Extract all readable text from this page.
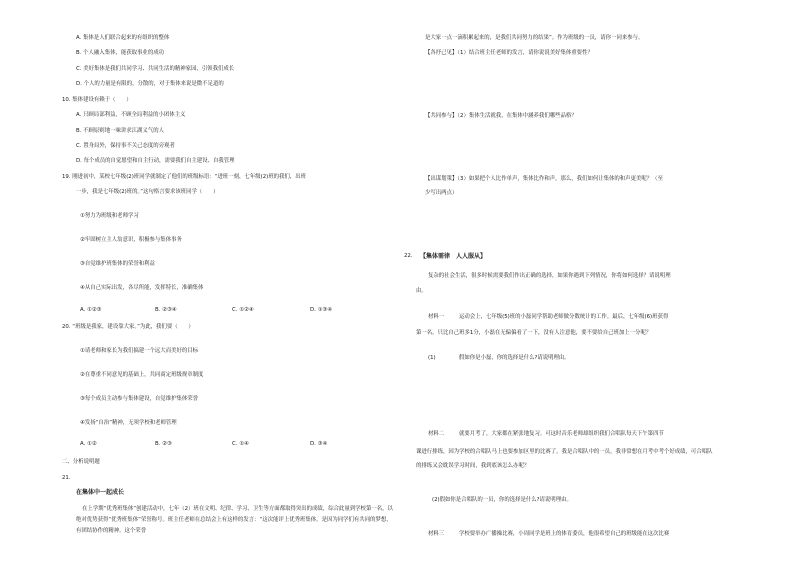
A. 集体是人们联合起来的有组织的整体
B. 个人融入集体，能获取事业的成功
C. 美好集体是我们共同学习、共同生活的精神家园，引领我们成长
D. 个人的力量是有限的，分散的，对于集体来说是微不足道的
10. 集体建设有赖于（　　）
A. 只顾局部利益，不顾全局利益的小团体主义
B. 不顾原则地一味讲求江湖义气的人
C. 置身局外，保持事不关己态度的旁观者
D. 每个成员的自觉愿望和自主行动，需要我们自主建设、自我管理
19. 刚进初中，某校七年级(2)班同学就制定了他们的班级标语：“进班一刻，七年级(2)班的我们，出班
一步，我是七年级(2)班的。”这句格言要求该班同学（　　）
①努力为班级和老师学习
②牢固树立主人翁意识，积极参与集体事务
③自觉维护班集体的荣誉和利益
④从自己实际出发，各尽所能，发挥特长，准确集体
A. ①②③	B. ②③④	C. ①②④	D. ①③④
20. “班级是我家，建设靠大家。”为此，我们要（　　）
①请老师和家长为我们搞建一个远大而美好的目标
②在尊重不同意见的基础上，共同商定班级规章制度
③每个成员主动参与集体建设，自觉维护集体荣誉
④发扬“自治”精神，无须学校和老师管理
A. ①②	B. ②③	C. ①④	D. ③④
二、分析说明题
21.
在集体中一起成长
在上学期“优秀班集体”创建活动中，七年（2）班在文明、纪律、学习、卫生等方面都取得突出的成绩，综合此量到学校第一名，以绝对优势获得“优秀班集体”荣誉称号。班主任老师在总结会上有这样的发言：“这次能评上优秀班集体，是因为同学们有共同的梦想，有团结协作的精神。这个荣誉
是大家一点一滴积累起来的，是我们共同努力的结果”。作为班级的一员，请你一同来参与。
【各抒己见】（1）结合班主任老师的发言，请你说说美好集体重要性？
【共同参与】（2）集体生活就我，在集体中涵养我们哪些品格？
【出谋划策】（3）如果把个人比作单声，集体比作和声，那么，我们如何让集体的和声更美呢？（至
少写出两点）
22. 【集体需律　人人服从】
复杂的社会生活，很多时候需要我们作出正确的选择，如果你遇到下列情况，你将如何选择？请说明理
由。
材料一	运动会上，七年级(5)班的小磊同学帮助老师做分数统计的工作。最后，七年级(6)班获得
第一名，只比自己班多1分，小磊在无偏偏看了一下，没有人注意他，要不要给自己班加上一分呢？
(1)	假如你是小磊，你的选择是什么?请说明理由。
材料二	就要月考了，大家都在紧张地复习。可这时音乐老师却组织我们合唱队每天下午第四节
课进行排练，因为学校的合唱队马上也要参加区里的比赛了。我是合唱队中的一员，我非常想在月考中考个好成绩，可合唱队的排练又会耽误学习时间，我到底该怎么办呢？
(2)假如你是合唱队的一员，你的选择是什么?请说明理由。
材料三	学校要举办广播操比赛，小周同学是班上的体育委员，他很希望自己的班级能在这次比赛
